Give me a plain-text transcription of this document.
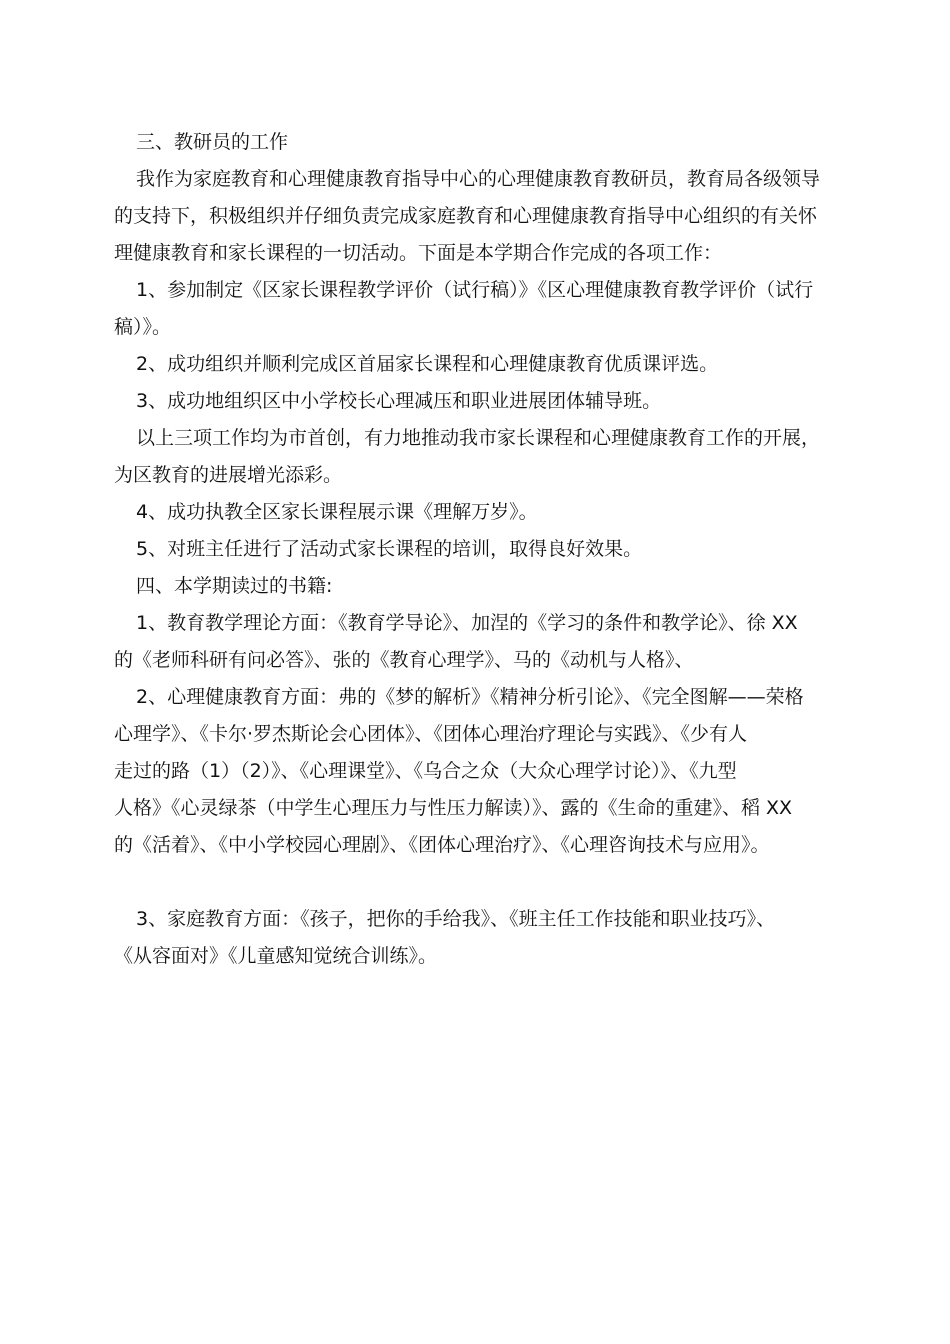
三、教研员的工作

我作为家庭教育和心理健康教育指导中心的心理健康教育教研员，教育局各级领导

的支持下，积极组织并仔细负责完成家庭教育和心理健康教育指导中心组织的有关怀

理健康教育和家长课程的一切活动。下面是本学期合作完成的各项工作：

1、参加制定《区家长课程教学评价（试行稿）》《区心理健康教育教学评价（试行

稿）》。

2、成功组织并顺利完成区首届家长课程和心理健康教育优质课评选。

3、成功地组织区中小学校长心理减压和职业进展团体辅导班。

以上三项工作均为市首创，有力地推动我市家长课程和心理健康教育工作的开展，

为区教育的进展增光添彩。

4、成功执教全区家长课程展示课《理解万岁》。

5、对班主任进行了活动式家长课程的培训，取得良好效果。

四、本学期读过的书籍:

1、教育教学理论方面：《教育学导论》、加涅的《学习的条件和教学论》、徐 XX

的《老师科研有问必答》、张的《教育心理学》、马的《动机与人格》、

2、心理健康教育方面：弗的《梦的解析》《精神分析引论》、《完全图解——荣格

心理学》、《卡尔·罗杰斯论会心团体》、《团体心理治疗理论与实践》、《少有人

走过的路（1）（2）》、《心理课堂》、《乌合之众（大众心理学讨论）》、《九型

人格》《心灵绿茶（中学生心理压力与性压力解读）》、露的《生命的重建》、稻 XX

的《活着》、《中小学校园心理剧》、《团体心理治疗》、《心理咨询技术与应用》。

3、家庭教育方面：《孩子，把你的手给我》、《班主任工作技能和职业技巧》、

《从容面对》《儿童感知觉统合训练》。
